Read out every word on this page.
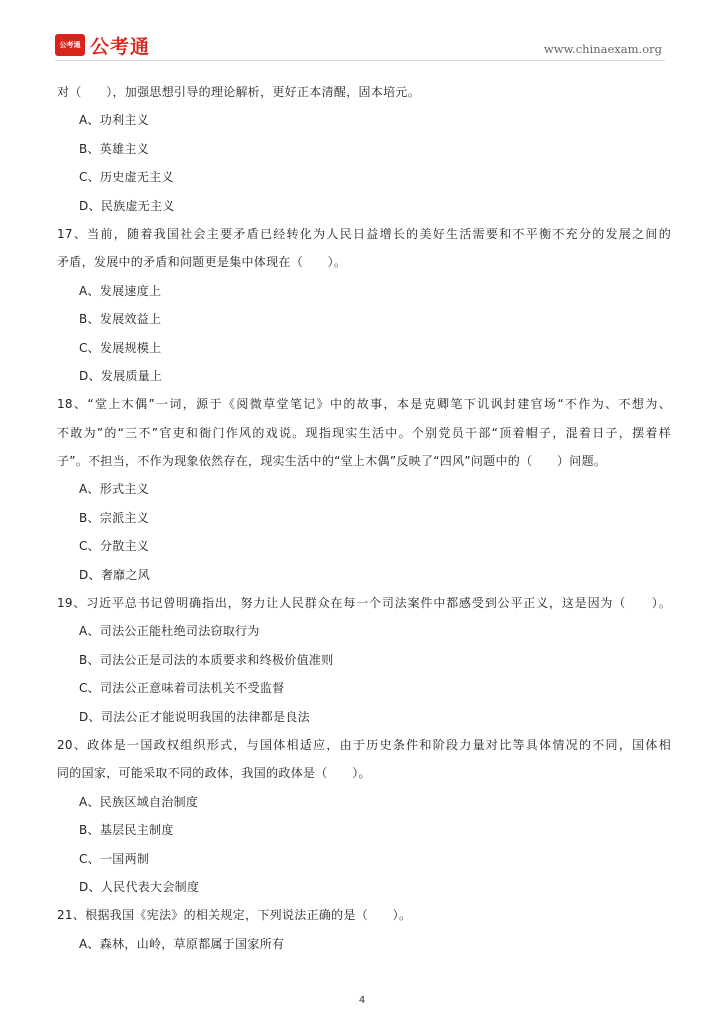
公考通 公考通	www.chinaexam.org
对（　　），加强思想引导的理论解析，更好正本清醒，固本培元。
A、功利主义
B、英雄主义
C、历史虚无主义
D、民族虚无主义
17、当前，随着我国社会主要矛盾已经转化为人民日益增长的美好生活需要和不平衡不充分的发展之间的
矛盾，发展中的矛盾和问题更是集中体现在（　　）。
A、发展速度上
B、发展效益上
C、发展规模上
D、发展质量上
18、“堂上木偶”一词，源于《阅微草堂笔记》中的故事，本是克卿笔下讥讽封建官场“不作为、不想为、
不敢为”的“三不”官吏和衙门作风的戏说。现指现实生活中。个别党员干部“顶着帽子，混着日子，摆着样
子”。不担当，不作为现象依然存在，现实生活中的“堂上木偶”反映了“四风”问题中的（　　）问题。
A、形式主义
B、宗派主义
C、分散主义
D、奢靡之风
19、习近平总书记曾明确指出，努力让人民群众在每一个司法案件中都感受到公平正义，这是因为（　　）。
A、司法公正能杜绝司法窃取行为
B、司法公正是司法的本质要求和终极价值准则
C、司法公正意味着司法机关不受监督
D、司法公正才能说明我国的法律都是良法
20、政体是一国政权组织形式，与国体相适应，由于历史条件和阶段力量对比等具体情况的不同，国体相
同的国家，可能采取不同的政体，我国的政体是（　　）。
A、民族区域自治制度
B、基层民主制度
C、一国两制
D、人民代表大会制度
21、根据我国《宪法》的相关规定，下列说法正确的是（　　）。
A、森林，山岭，草原都属于国家所有
4
